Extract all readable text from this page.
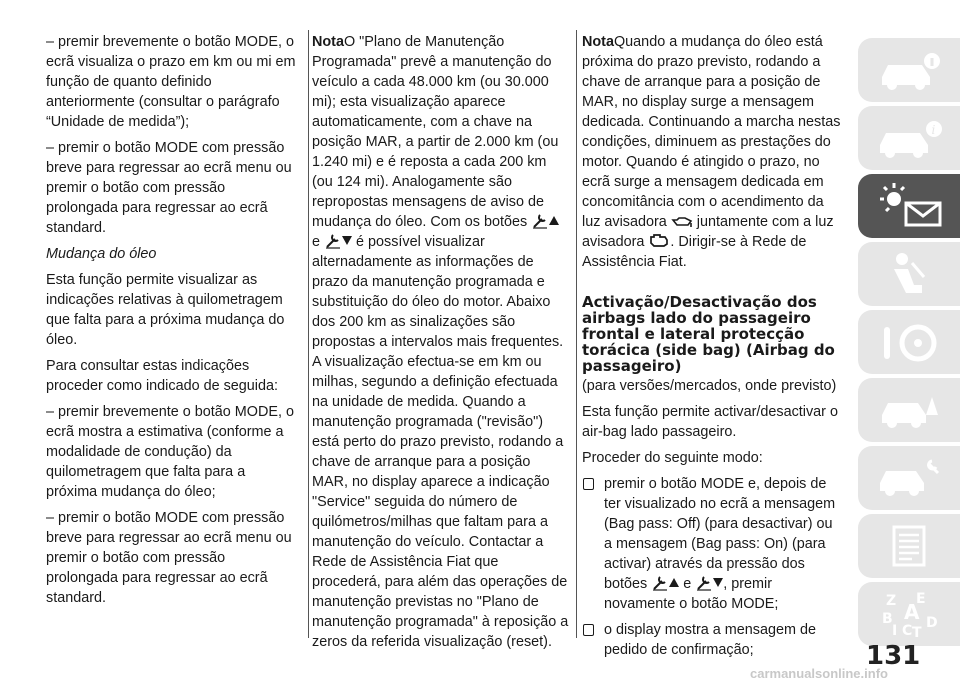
– premir brevemente o botão MODE, o ecrã visualiza o prazo em km ou mi em função de quanto definido anteriormente (consultar o parágrafo “Unidade de medida”);

– premir o botão MODE com pressão breve para regressar ao ecrã menu ou premir o botão com pressão prolongada para regressar ao ecrã standard.

Mudança do óleo

Esta função permite visualizar as indicações relativas à quilometragem que falta para a próxima mudança do óleo.

Para consultar estas indicações proceder como indicado de seguida:

– premir brevemente o botão MODE, o ecrã mostra a estimativa (conforme a modalidade de condução) da quilometragem que falta para a próxima mudança do óleo;

– premir o botão MODE com pressão breve para regressar ao ecrã menu ou premir o botão com pressão prolongada para regressar ao ecrã standard.

NotaO "Plano de Manutenção Programada" prevê a manutenção do veículo a cada 48.000 km (ou 30.000 mi); esta visualização aparece automaticamente, com a chave na posição MAR, a partir de 2.000 km (ou 1.240 mi) e é reposta a cada 200 km (ou 124 mi). Analogamente são repropostas mensagens de aviso de mudança do óleo. Com os botões  e	é possível visualizar alternadamente as informações de prazo da manutenção programada e substituição do óleo do motor. Abaixo dos 200 km as sinalizações são propostas a intervalos mais frequentes. A visualização efectua-se em km ou milhas, segundo a definição efectuada na unidade de medida. Quando a manutenção programada ("revisão") está perto do prazo previsto, rodando a chave de arranque para a posição MAR, no display aparece a indicação "Service" seguida do número de quilómetros/milhas que faltam para a manutenção do veículo. Contactar a Rede de Assistência Fiat que procederá, para além das operações de manutenção previstas no "Plano de manutenção programada" à reposição a zeros da referida visualização (reset).

NotaQuando a mudança do óleo está próxima do prazo previsto, rodando a chave de arranque para a posição de MAR, no display surge a mensagem dedicada. Continuando a marcha nestas condições, diminuem as prestações do motor. Quando é atingido o prazo, no ecrã surge a mensagem dedicada em concomitância com o acendimento da luz avisadora juntamente com a luz avisadora . Dirigir-se à Rede de Assistência Fiat.

Activação/Desactivação dos airbags lado do passageiro frontal e lateral protecção torácica (side bag) (Airbag do passageiro)

(para versões/mercados, onde previsto)

Esta função permite activar/desactivar o air-bag lado passageiro.

Proceder do seguinte modo:

premir o botão MODE e, depois de ter visualizado no ecrã a mensagem (Bag pass: Off) (para desactivar) ou a mensagem (Bag pass: On) (para activar) através da pressão dos botões	e , premir novamente o botão MODE;

o display mostra a mensagem de pedido de confirmação;

i
Z E
B A D
I C T
131
carmanualsonline.info
